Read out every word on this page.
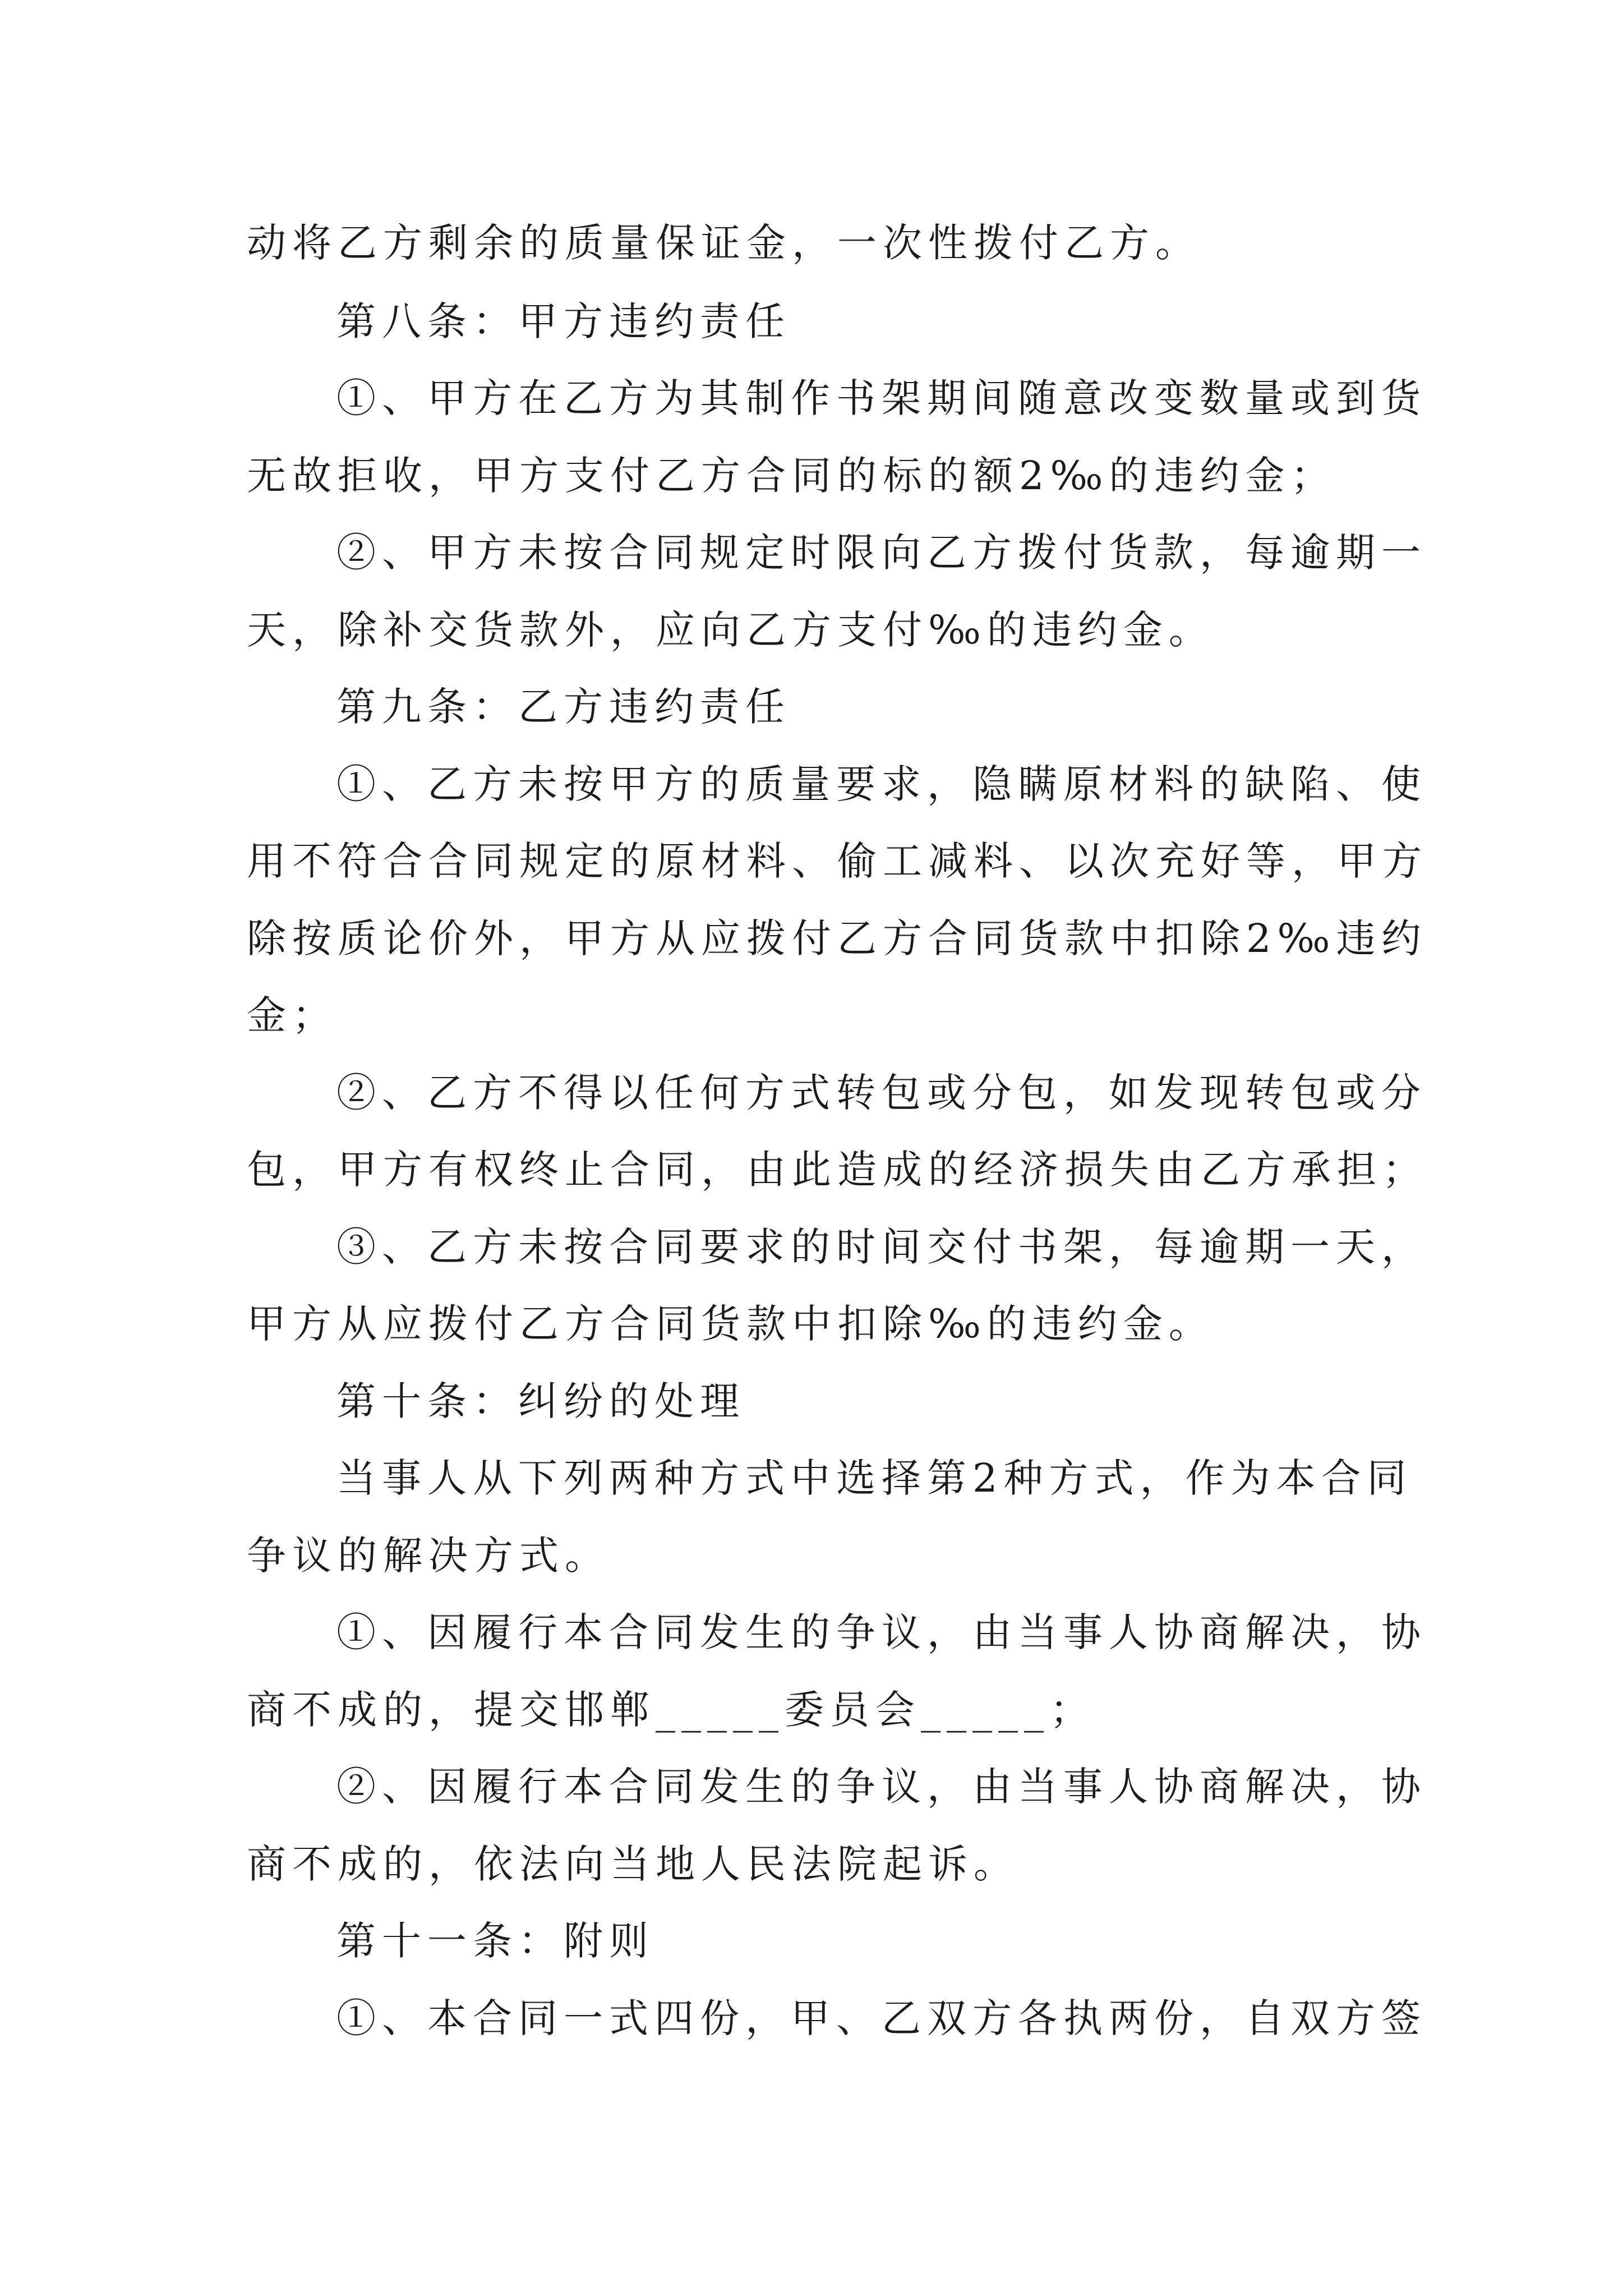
动将乙方剩余的质量保证金，一次性拨付乙方。
第八条：甲方违约责任
①、甲方在乙方为其制作书架期间随意改变数量或到货
无故拒收，甲方支付乙方合同的标的额2‰的违约金；
②、甲方未按合同规定时限向乙方拨付货款，每逾期一
天，除补交货款外，应向乙方支付‰的违约金。
第九条：乙方违约责任
①、乙方未按甲方的质量要求，隐瞒原材料的缺陷、使
用不符合合同规定的原材料、偷工减料、以次充好等，甲方
除按质论价外，甲方从应拨付乙方合同货款中扣除2‰违约
金；
②、乙方不得以任何方式转包或分包，如发现转包或分
包，甲方有权终止合同，由此造成的经济损失由乙方承担；
③、乙方未按合同要求的时间交付书架，每逾期一天，
甲方从应拨付乙方合同货款中扣除‰的违约金。
第十条：纠纷的处理
当事人从下列两种方式中选择第2种方式，作为本合同
争议的解决方式。
①、因履行本合同发生的争议，由当事人协商解决，协
商不成的，提交邯郸_____委员会_____；
②、因履行本合同发生的争议，由当事人协商解决，协
商不成的，依法向当地人民法院起诉。
第十一条：附则
①、本合同一式四份，甲、乙双方各执两份，自双方签
